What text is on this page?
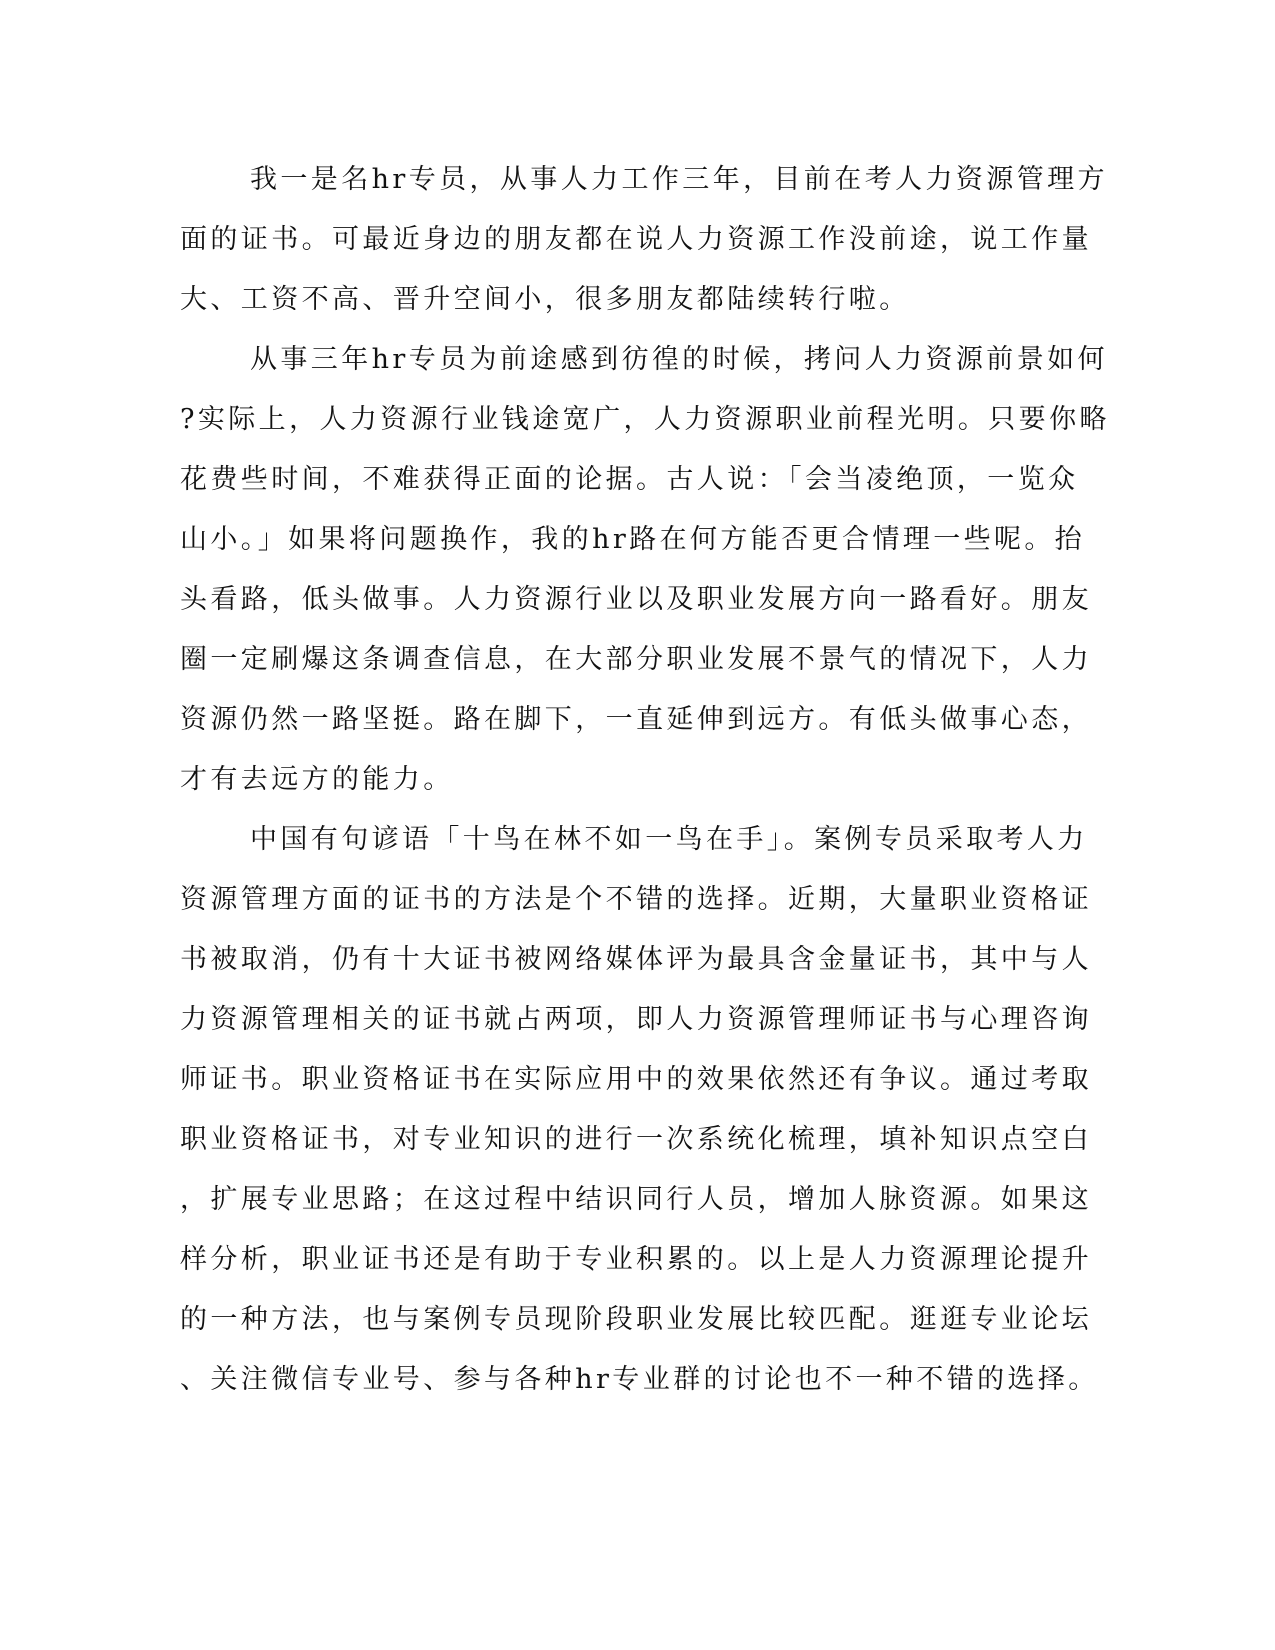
我一是名hr专员，从事人力工作三年，目前在考人力资源管理方
面的证书。可最近身边的朋友都在说人力资源工作没前途，说工作量
大、工资不高、晋升空间小，很多朋友都陆续转行啦。
从事三年hr专员为前途感到彷徨的时候，拷问人力资源前景如何
?实际上，人力资源行业钱途宽广，人力资源职业前程光明。只要你略
花费些时间，不难获得正面的论据。古人说：「会当凌绝顶，一览众
山小。」如果将问题换作，我的hr路在何方能否更合情理一些呢。抬
头看路，低头做事。人力资源行业以及职业发展方向一路看好。朋友
圈一定刷爆这条调查信息，在大部分职业发展不景气的情况下，人力
资源仍然一路坚挺。路在脚下，一直延伸到远方。有低头做事心态，
才有去远方的能力。
中国有句谚语「十鸟在林不如一鸟在手」。案例专员采取考人力
资源管理方面的证书的方法是个不错的选择。近期，大量职业资格证
书被取消，仍有十大证书被网络媒体评为最具含金量证书，其中与人
力资源管理相关的证书就占两项，即人力资源管理师证书与心理咨询
师证书。职业资格证书在实际应用中的效果依然还有争议。通过考取
职业资格证书，对专业知识的进行一次系统化梳理，填补知识点空白
，扩展专业思路；在这过程中结识同行人员，增加人脉资源。如果这
样分析，职业证书还是有助于专业积累的。以上是人力资源理论提升
的一种方法，也与案例专员现阶段职业发展比较匹配。逛逛专业论坛
、关注微信专业号、参与各种hr专业群的讨论也不一种不错的选择。
